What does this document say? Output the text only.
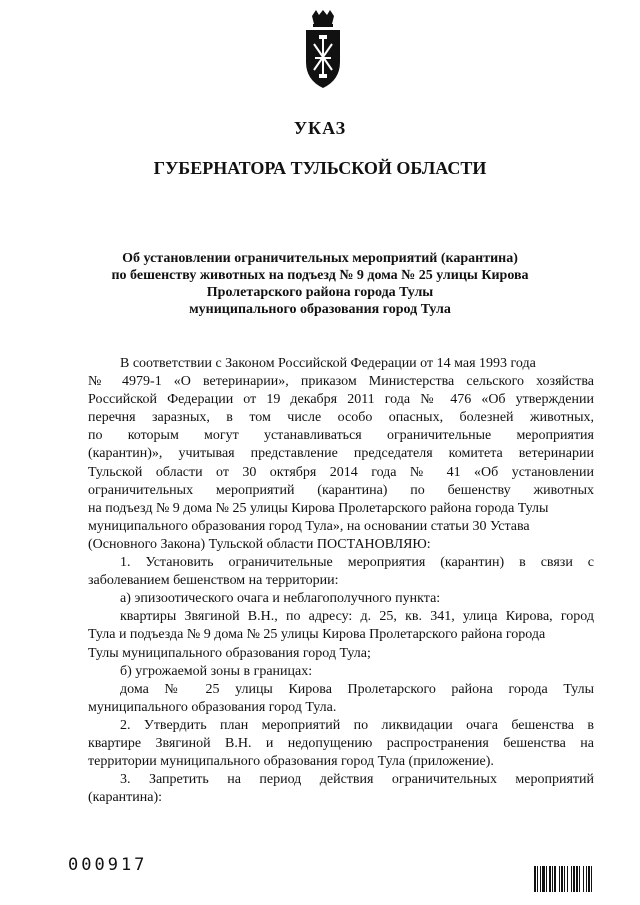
УКАЗ
ГУБЕРНАТОРА ТУЛЬСКОЙ ОБЛАСТИ
Об установлении ограничительных мероприятий (карантина)
по бешенству животных на подъезд № 9 дома № 25 улицы Кирова
Пролетарского района города Тулы
муниципального образования город Тула
В соответствии с Законом Российской Федерации от 14 мая 1993 года
№ 4979-1 «О ветеринарии», приказом Министерства сельского хозяйства
Российской Федерации от 19 декабря 2011 года № 476 «Об утверждении
перечня заразных, в том числе особо опасных, болезней животных,
по которым могут устанавливаться ограничительные мероприятия
(карантин)», учитывая представление председателя комитета ветеринарии
Тульской области от 30 октября 2014 года № 41 «Об установлении
ограничительных мероприятий (карантина) по бешенству животных
на подъезд № 9 дома № 25 улицы Кирова Пролетарского района города Тулы
муниципального образования город Тула», на основании статьи 30 Устава
(Основного Закона) Тульской области ПОСТАНОВЛЯЮ:
1. Установить ограничительные мероприятия (карантин) в связи с
заболеванием бешенством на территории:
а) эпизоотического очага и неблагополучного пункта:
квартиры Звягиной В.Н., по адресу: д. 25, кв. 341, улица Кирова, город
Тула и подъезда № 9 дома № 25 улицы Кирова Пролетарского района города
Тулы муниципального образования город Тула;
б) угрожаемой зоны в границах:
дома № 25 улицы Кирова Пролетарского района города Тулы
муниципального образования город Тула.
2. Утвердить план мероприятий по ликвидации очага бешенства в
квартире Звягиной В.Н. и недопущению распространения бешенства на
территории муниципального образования город Тула (приложение).
3. Запретить на период действия ограничительных мероприятий
(карантина):
000917
